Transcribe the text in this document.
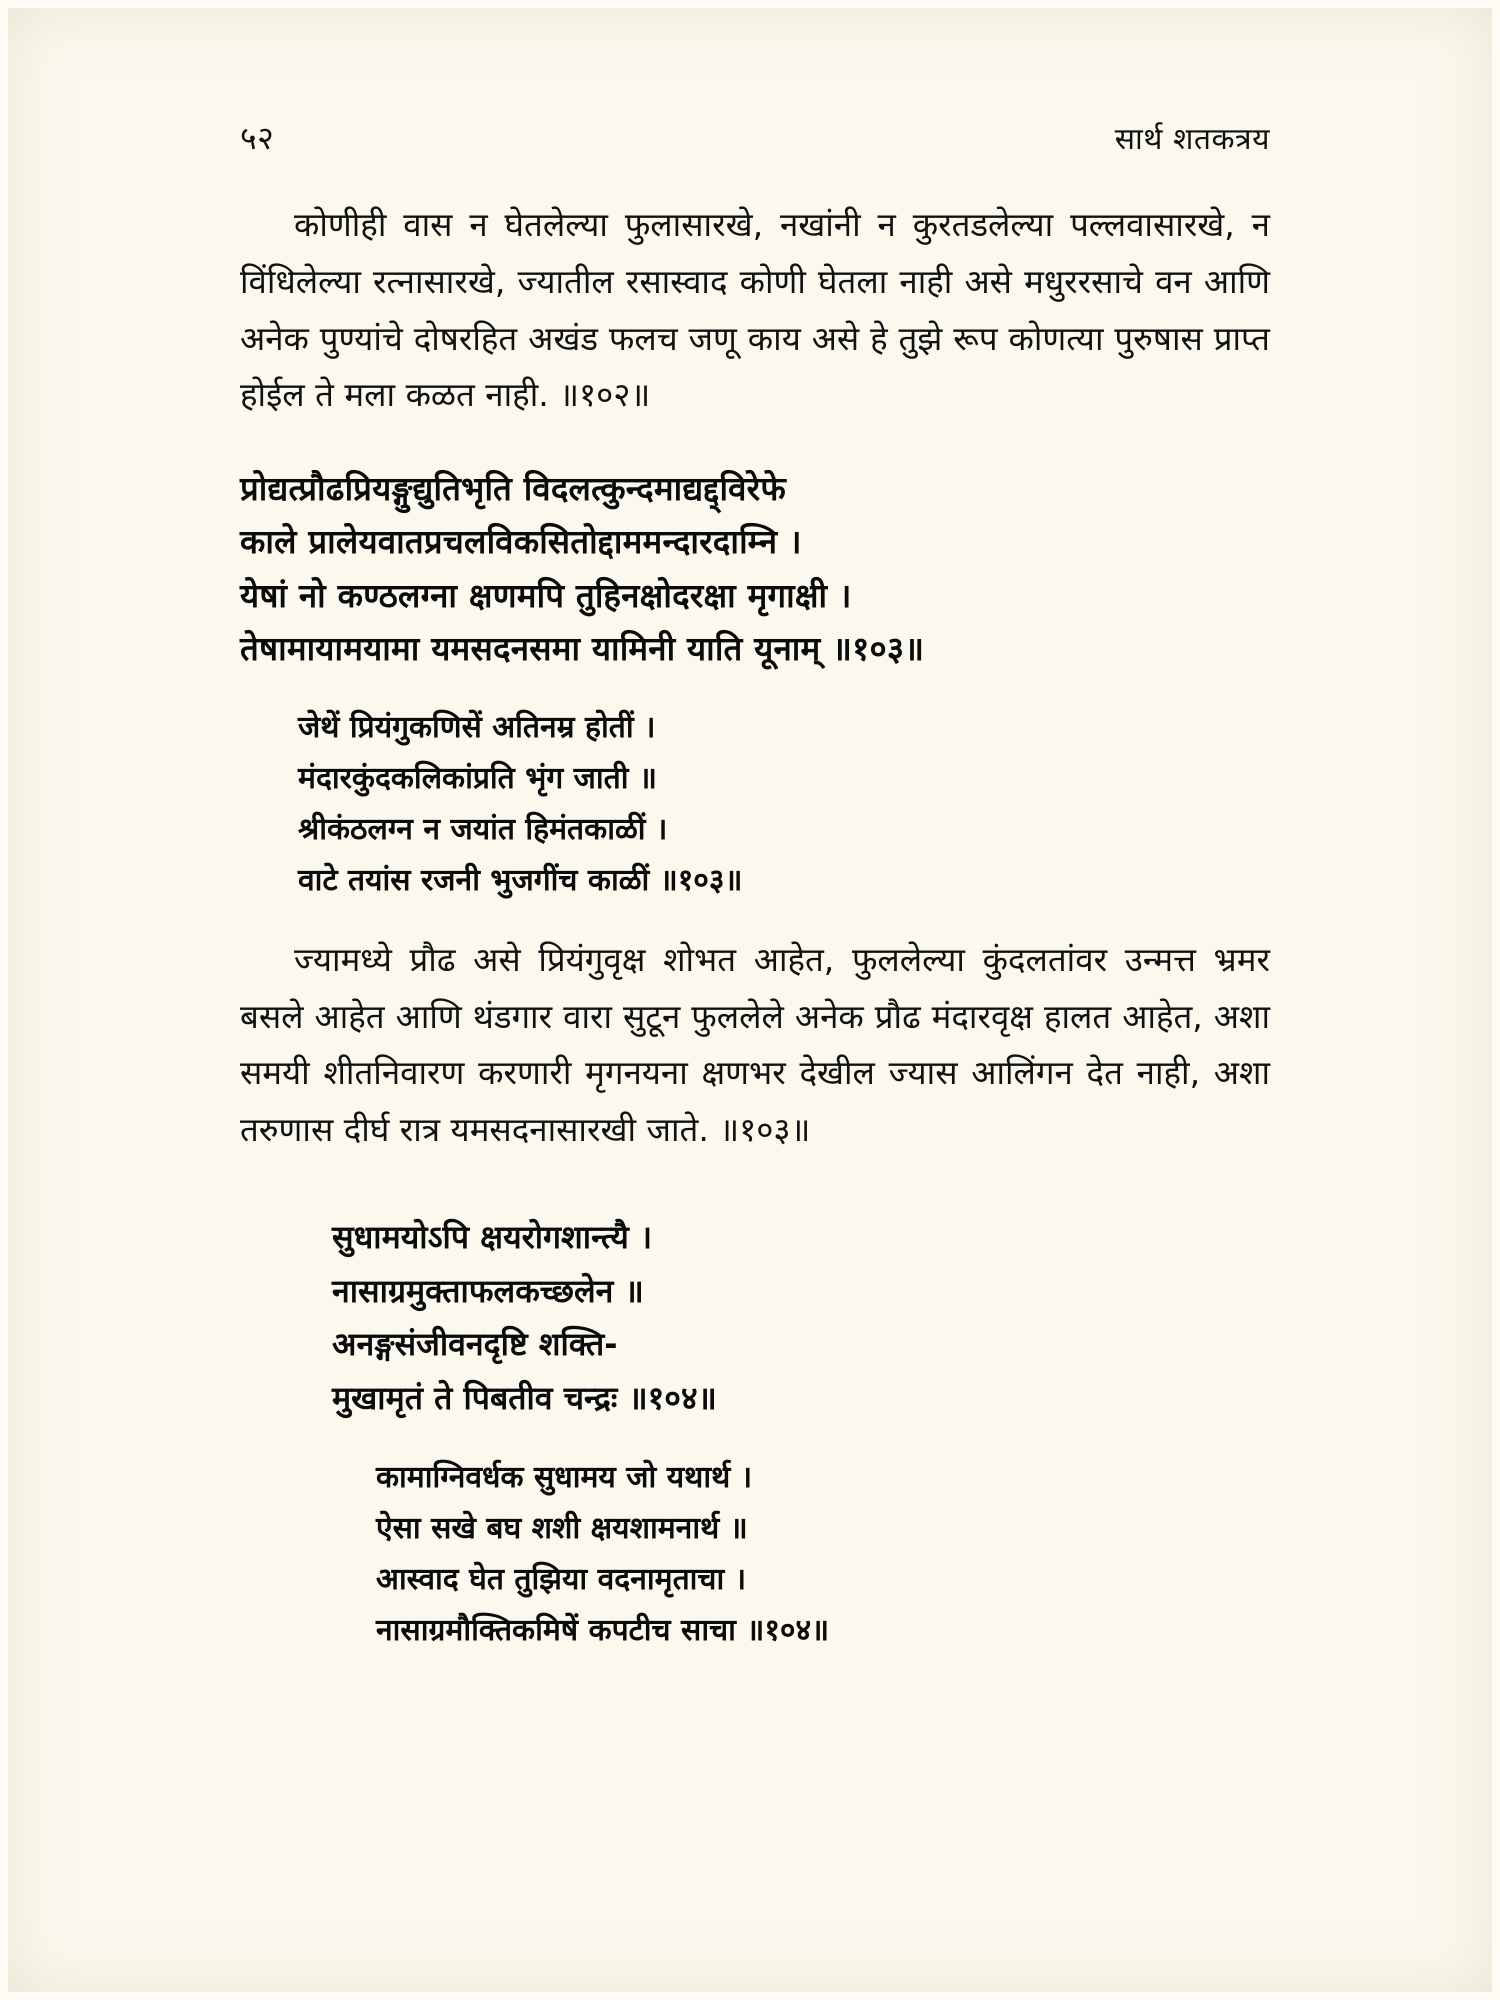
५२	सार्थ शतकत्रय

कोणीही वास न घेतलेल्या फुलासारखे, नखांनी न कुरतडलेल्या पल्लवासारखे, न विंधिलेल्या रत्नासारखे, ज्यातील रसास्वाद कोणी घेतला नाही असे मधुररसाचे वन आणि अनेक पुण्यांचे दोषरहित अखंड फलच जणू काय असे हे तुझे रूप कोणत्या पुरुषास प्राप्त होईल ते मला कळत नाही. ॥१०२॥

प्रोद्यत्प्रौढप्रियङ्गुद्युतिभृति विदलत्कुन्दमाद्यद्द्विरेफे
काले प्रालेयवातप्रचलविकसितोद्दाममन्दारदाम्नि ।
येषां नो कण्ठलग्ना क्षणमपि तुहिनक्षोदरक्षा मृगाक्षी ।
तेषामायामयामा यमसदनसमा यामिनी याति यूनाम् ॥१०३॥
जेथें प्रियंगुकणिसें अतिनम्र होतीं ।
मंदारकुंदकलिकांप्रति भृंग जाती ॥
श्रीकंठलग्न न जयांत हिमंतकाळीं ।
वाटे तयांस रजनी भुजगींच काळीं ॥१०३॥

ज्यामध्ये प्रौढ असे प्रियंगुवृक्ष शोभत आहेत, फुललेल्या कुंदलतांवर उन्मत्त भ्रमर बसले आहेत आणि थंडगार वारा सुटून फुललेले अनेक प्रौढ मंदारवृक्ष हालत आहेत, अशा समयी शीतनिवारण करणारी मृगनयना क्षणभर देखील ज्यास आलिंगन देत नाही, अशा तरुणास दीर्घ रात्र यमसदनासारखी जाते. ॥१०३॥

सुधामयोऽपि क्षयरोगशान्त्यै ।
नासाग्रमुक्ताफलकच्छलेन ॥
अनङ्गसंजीवनदृष्टि शक्ति-
मुखामृतं ते पिबतीव चन्द्रः ॥१०४॥
कामाग्निवर्धक सुधामय जो यथार्थ ।
ऐसा सखे बघ शशी क्षयशामनार्थ ॥
आस्वाद घेत तुझिया वदनामृताचा ।
नासाग्रमौक्तिकमिषें कपटीच साचा ॥१०४॥
